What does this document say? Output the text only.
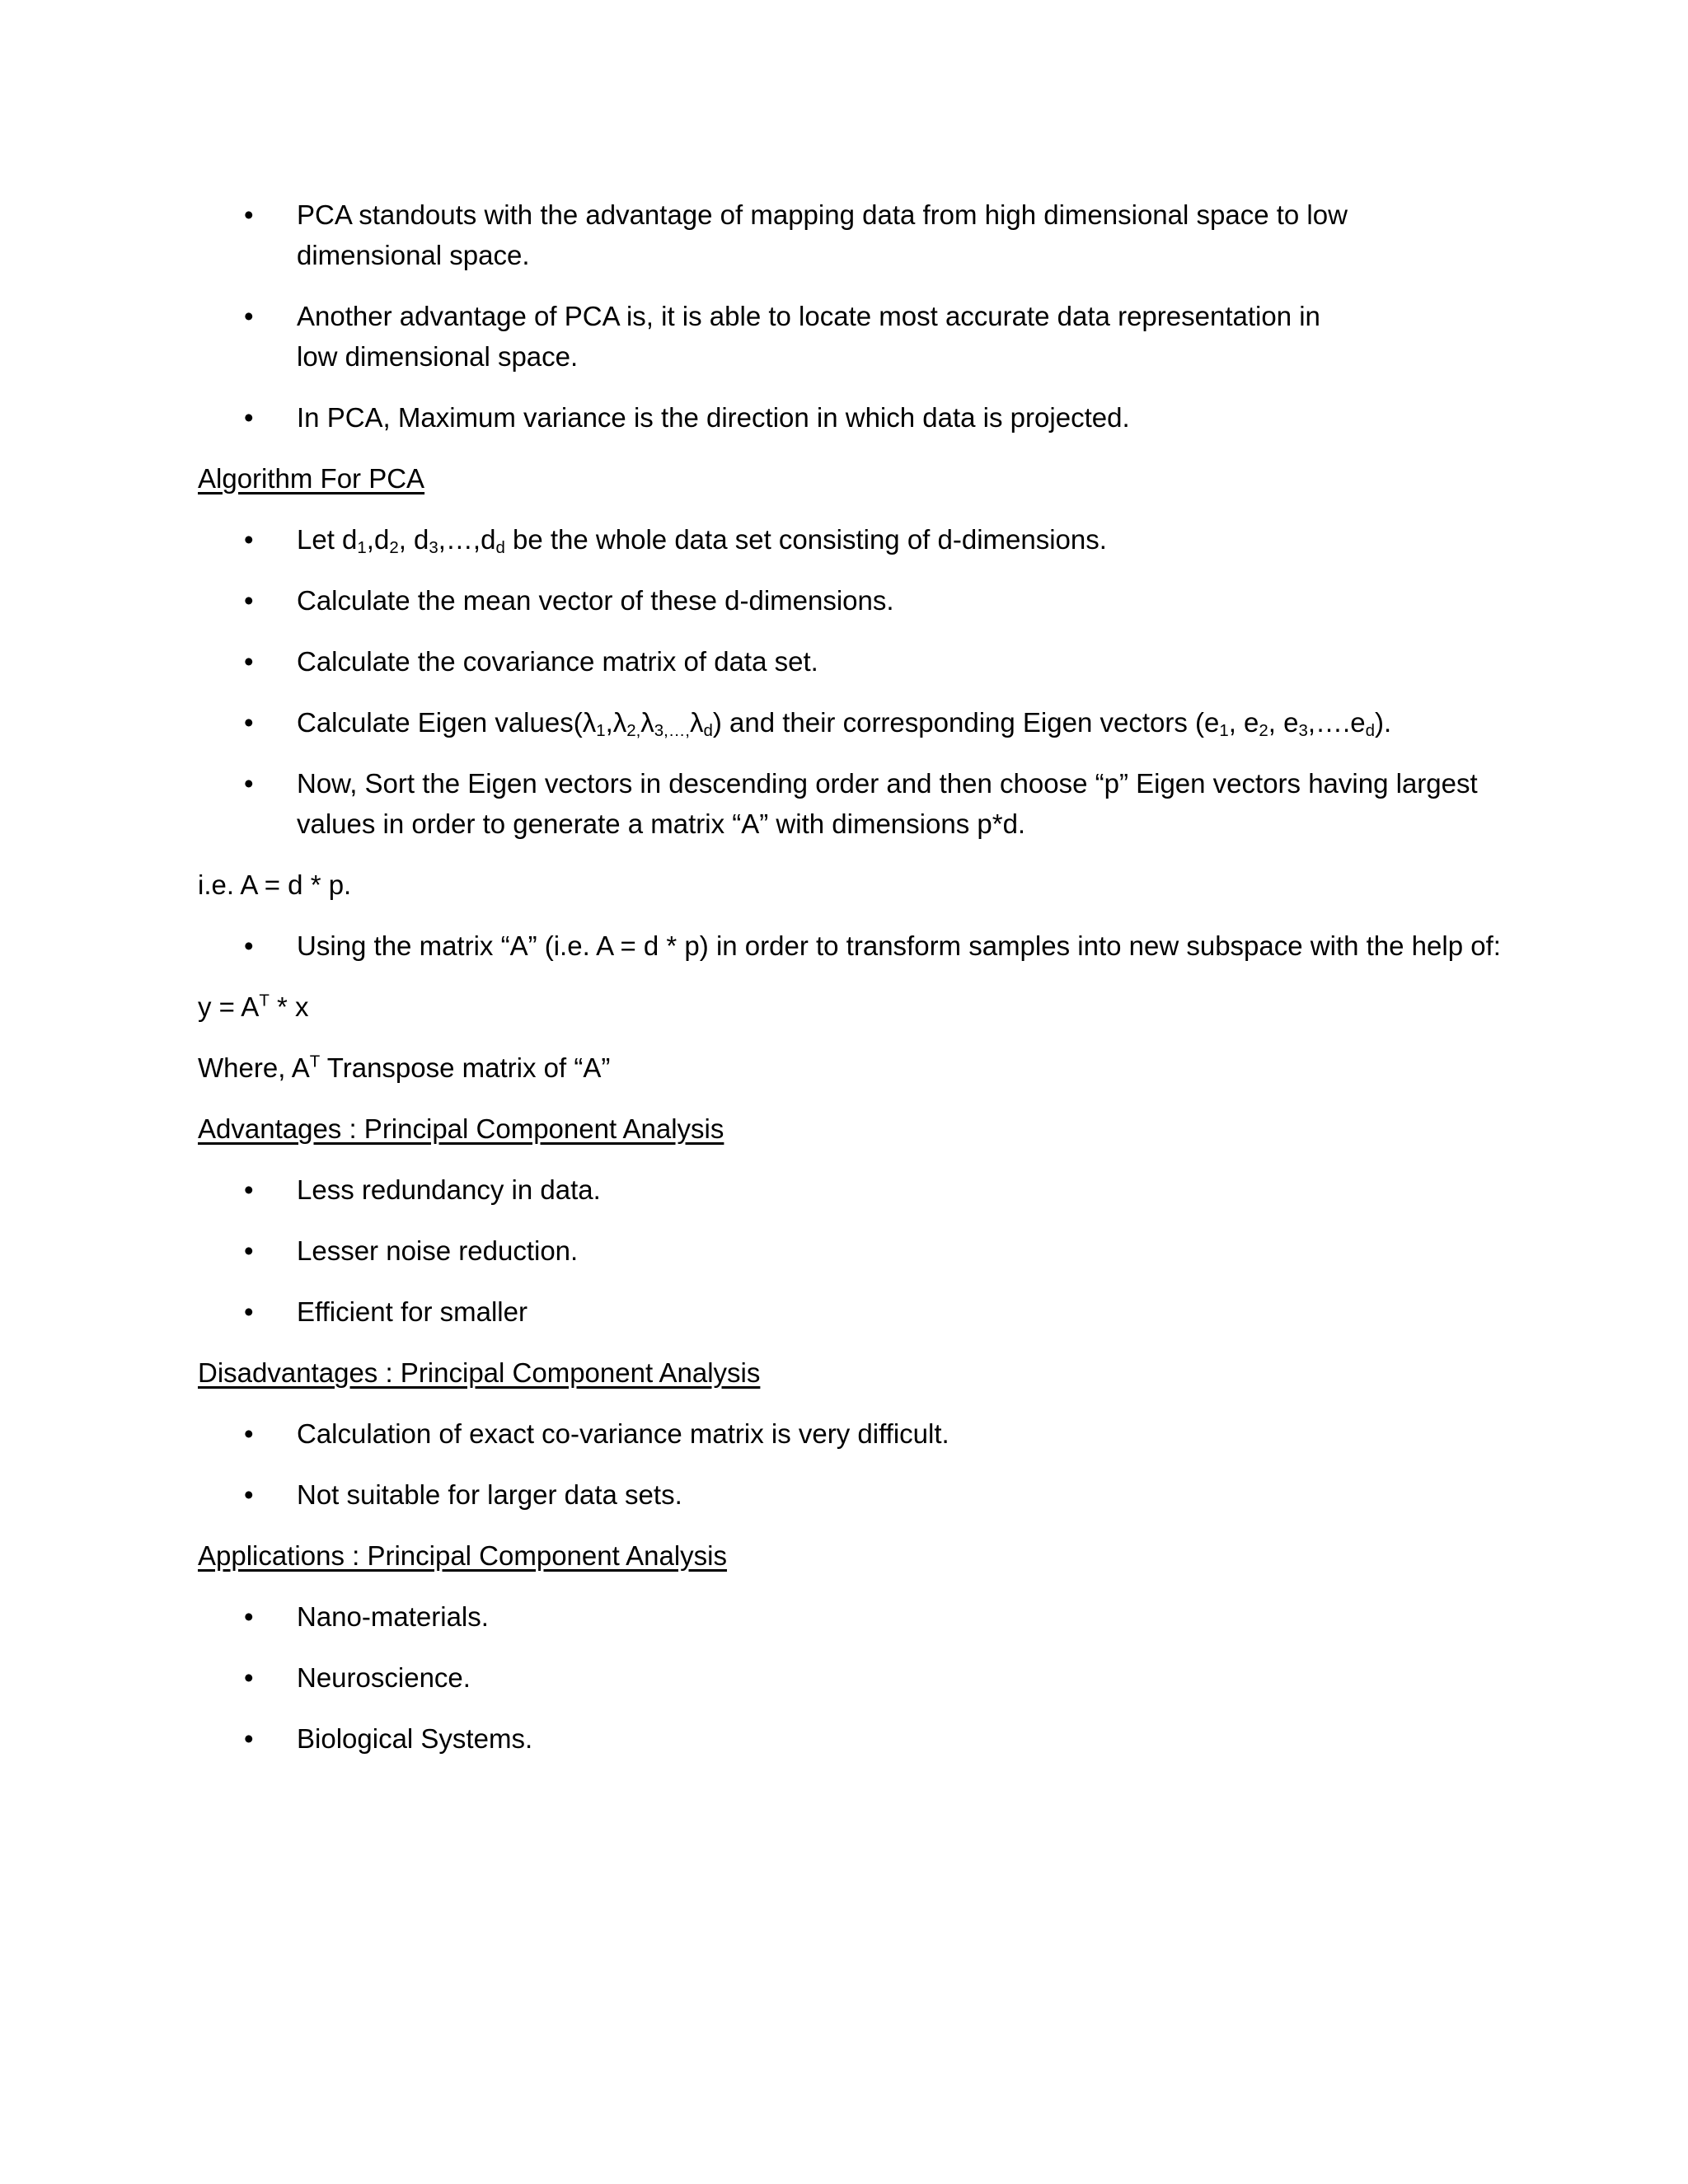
• PCA standouts with the advantage of mapping data from high dimensional space to low dimensional space.
• Another advantage of PCA is, it is able to locate most accurate data representation in low dimensional space.
• In PCA, Maximum variance is the direction in which data is projected.
Algorithm For PCA
• Let $d_1,d_2$, $d_3,\dots,d_d$ be the whole data set consisting of d-dimensions.
• Calculate the mean vector of these d-dimensions.
• Calculate the covariance matrix of data set.
• Calculate Eigen $values(\lambda_1,\lambda_{2,}\lambda_{3,\dots,}\lambda_d)$ and their corresponding Eigen vectors ($e_1$, $e_2$, $e_3,\dots.e_d$).
• Now, Sort the Eigen vectors in descending order and then choose “p” Eigen vectors having largest values in order to generate a matrix “A” with dimensions p*d.
i.e. A = d * p.
• Using the matrix “A” (i.e. A = d * p) in order to transform samples into new subspace with the help of:
$y = A^T * x$
Where, $A^T$ Transpose matrix of “A”
Advantages : Principal Component Analysis
• Less redundancy in data.
• Lesser noise reduction.
• Efficient for smaller
Disadvantages : Principal Component Analysis
• Calculation of exact co-variance matrix is very difficult.
• Not suitable for larger data sets.
Applications : Principal Component Analysis
• Nano-materials.
• Neuroscience.
• Biological Systems.
